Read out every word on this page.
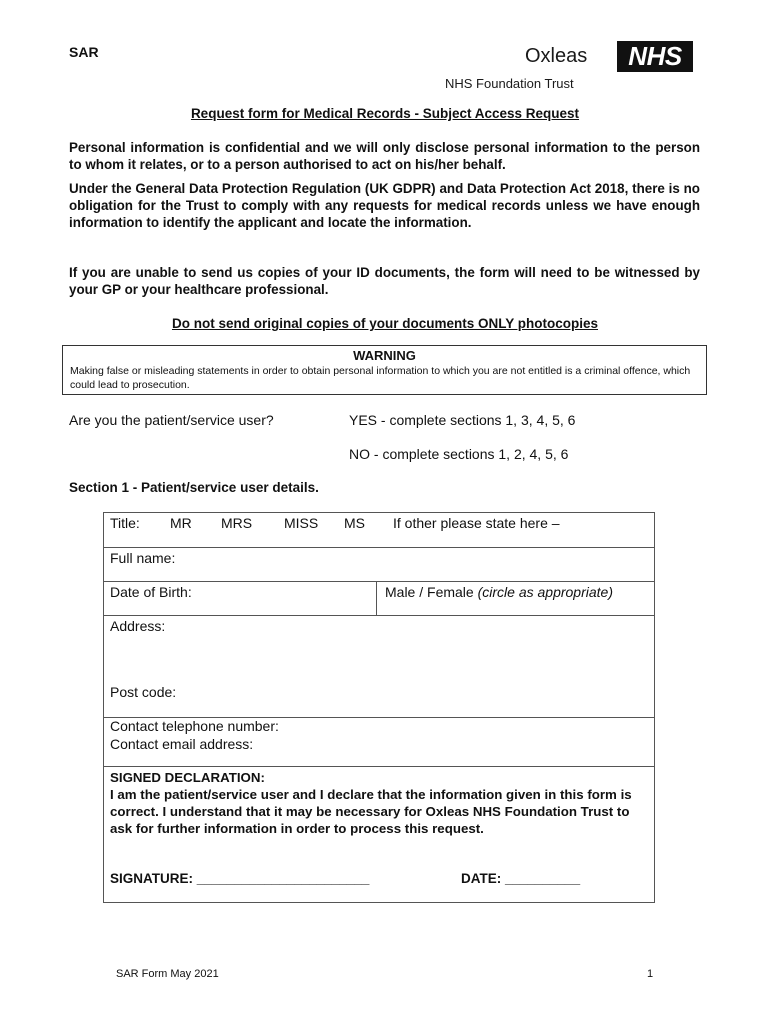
SAR	Oxleas	NHS
NHS Foundation Trust
Request form for Medical Records - Subject Access Request
Personal information is confidential and we will only disclose personal information to the person to whom it relates, or to a person authorised to act on his/her behalf.
Under the General Data Protection Regulation (UK GDPR) and Data Protection Act 2018, there is no obligation for the Trust to comply with any requests for medical records unless we have enough information to identify the applicant and locate the information.
If you are unable to send us copies of your ID documents, the form will need to be witnessed by your GP or your healthcare professional.
Do not send original copies of your documents ONLY photocopies
WARNING
Making false or misleading statements in order to obtain personal information to which you are not entitled is a criminal offence, which could lead to prosecution.
Are you the patient/service user?	YES - complete sections 1, 3, 4, 5, 6
NO - complete sections 1, 2, 4, 5, 6
Section 1 - Patient/service user details.
Title: MR MRS MISS MS If other please state here –
Full name:
Date of Birth:	Male / Female (circle as appropriate)
Address:
Post code:
Contact telephone number:
Contact email address:
SIGNED DECLARATION:
I am the patient/service user and I declare that the information given in this form is correct. I understand that it may be necessary for Oxleas NHS Foundation Trust to ask for further information in order to process this request.
SIGNATURE: _______________________	DATE: __________
SAR Form May 2021	1
